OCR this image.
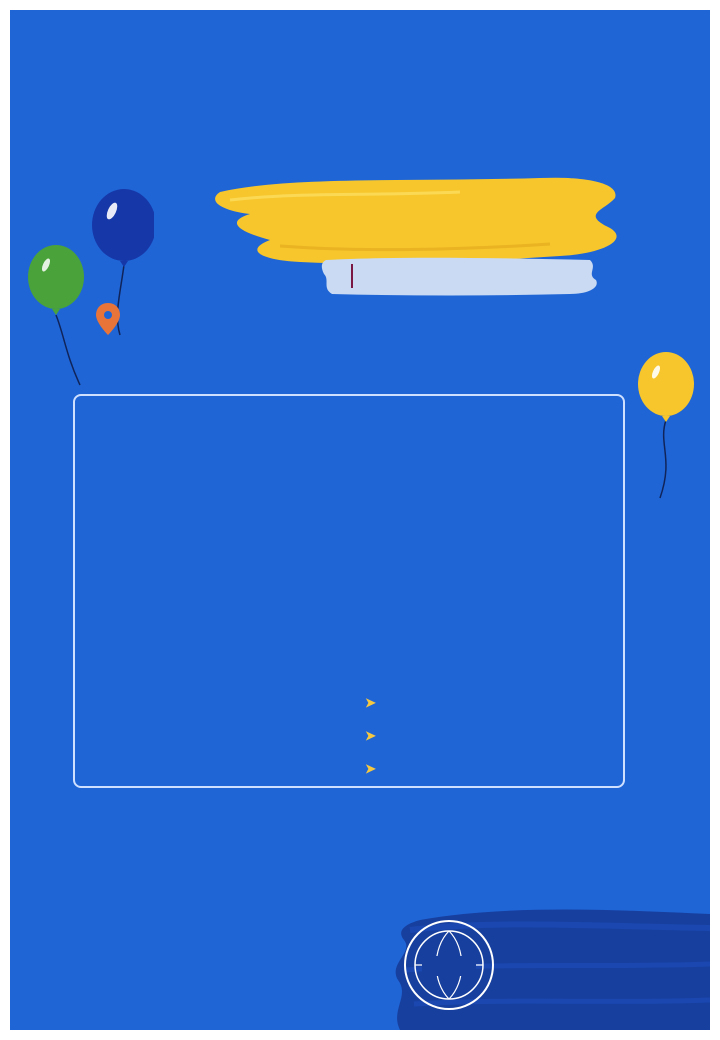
➤
➤
➤
